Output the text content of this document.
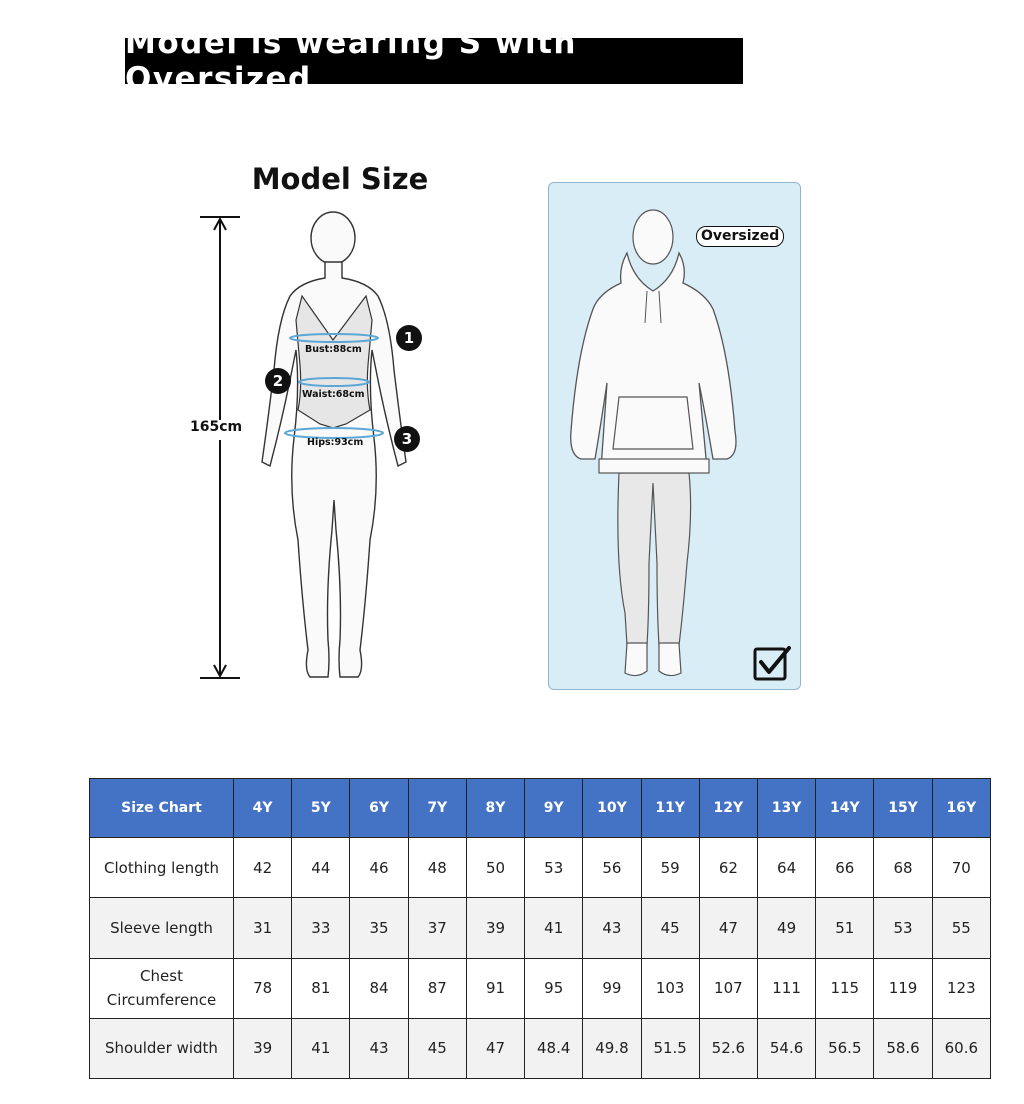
Model is wearing S with Oversized
Model Size
165cm
Bust:88cm
Waist:68cm
Hips:93cm
1
2
3
Oversized
Size Chart	4Y	5Y	6Y	7Y	8Y	9Y	10Y	11Y	12Y	13Y	14Y	15Y	16Y
Clothing length	42	44	46	48	50	53	56	59	62	64	66	68	70
Sleeve length	31	33	35	37	39	41	43	45	47	49	51	53	55
Chest Circumference	78	81	84	87	91	95	99	103	107	111	115	119	123
Shoulder width	39	41	43	45	47	48.4	49.8	51.5	52.6	54.6	56.5	58.6	60.6
